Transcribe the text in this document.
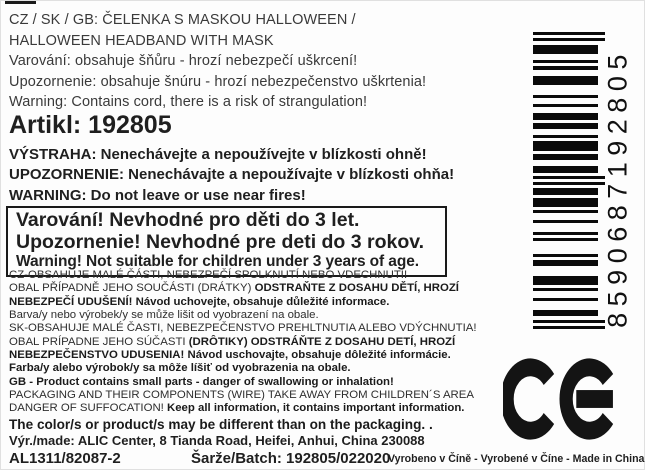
CZ / SK / GB: ČELENKA S MASKOU HALLOWEEN /
HALLOWEEN HEADBAND WITH MASK
Varování: obsahuje šňůru - hrozí nebezpečí uškrcení!
Upozornenie: obsahuje šnúru - hrozí nebezpečenstvo uškrtenia!
Warning: Contains cord, there is a risk of strangulation!
Artikl: 192805
VÝSTRAHA: Nenechávejte a nepoužívejte v blízkosti ohně!
UPOZORNENIE: Nenechávajte a nepoužívajte v blízkosti ohňa!
WARNING: Do not leave or use near fires!
Varování! Nevhodné pro děti do 3 let.
Upozornenie! Nevhodné pre deti do 3 rokov.
Warning! Not suitable for children under 3 years of age.
CZ-OBSAHUJE MALÉ ČÁSTI, NEBEZPEČÍ SPOLKNUTÍ NEBO VDECHNUTÍ!
OBAL PŘÍPADNĚ JEHO SOUČÁSTI (DRÁTKY) ODSTRAŇTE Z DOSAHU DĚTÍ, HROZÍ
NEBEZPEČÍ UDUŠENÍ! Návod uchovejte, obsahuje důležité informace.
Barva/y nebo výrobek/y se může lišit od vyobrazení na obale.
SK-OBSAHUJE MALÉ ČASTI, NEBEZPEČENSTVO PREHLTNUTIA ALEBO VDÝCHNUTIA!
OBAL PRÍPADNE JEHO SÚČASTI (DRÔTIKY) ODSTRÁŇTE Z DOSAHU DETÍ, HROZÍ
NEBEZPEČENSTVO UDUSENIA! Návod uschovajte, obsahuje dôležité informácie.
Farba/y alebo výrobok/y sa môže líšiť od vyobrazenia na obale.
GB - Product contains small parts - danger of swallowing or inhalation!
PACKAGING AND THEIR COMPONENTS (WIRE) TAKE AWAY FROM CHILDREN´S AREA
DANGER OF SUFFOCATION! Keep all information, it contains important information.
The color/s or product/s may be different than on the packaging. .
Výr./made: ALIC Center, 8 Tianda Road, Heifei, Anhui, China 230088
AL1311/82087-2	Šarže/Batch: 192805/022020
Vyrobeno v Číně - Vyrobené v Číne - Made in China
8590687192805
